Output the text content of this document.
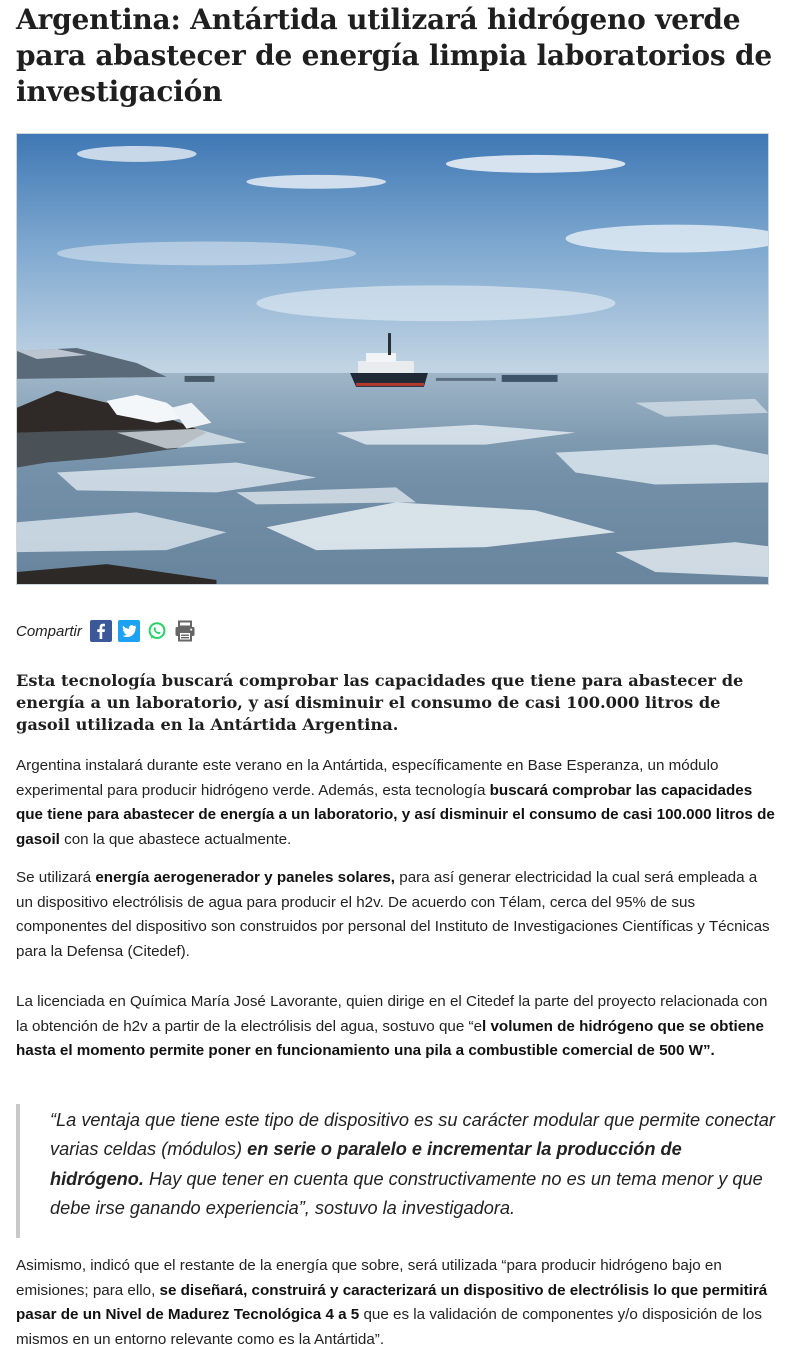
Argentina: Antártida utilizará hidrógeno verde para abastecer de energía limpia laboratorios de investigación
Compartir

Esta tecnología buscará comprobar las capacidades que tiene para abastecer de energía a un laboratorio, y así disminuir el consumo de casi 100.000 litros de gasoil utilizada en la Antártida Argentina.

Argentina instalará durante este verano en la Antártida, específicamente en Base Esperanza, un módulo experimental para producir hidrógeno verde. Además, esta tecnología buscará comprobar las capacidades que tiene para abastecer de energía a un laboratorio, y así disminuir el consumo de casi 100.000 litros de gasoil con la que abastece actualmente.

Se utilizará energía aerogenerador y paneles solares, para así generar electricidad la cual será empleada a un dispositivo electrólisis de agua para producir el h2v. De acuerdo con Télam, cerca del 95% de sus componentes del dispositivo son construidos por personal del Instituto de Investigaciones Científicas y Técnicas para la Defensa (Citedef).

La licenciada en Química María José Lavorante, quien dirige en el Citedef la parte del proyecto relacionada con la obtención de h2v a partir de la electrólisis del agua, sostuvo que “el volumen de hidrógeno que se obtiene hasta el momento permite poner en funcionamiento una pila a combustible comercial de 500 W”.

“La ventaja que tiene este tipo de dispositivo es su carácter modular que permite conectar varias celdas (módulos) en serie o paralelo e incrementar la producción de hidrógeno. Hay que tener en cuenta que constructivamente no es un tema menor y que debe irse ganando experiencia”, sostuvo la investigadora.

Asimismo, indicó que el restante de la energía que sobre, será utilizada “para producir hidrógeno bajo en emisiones; para ello, se diseñará, construirá y caracterizará un dispositivo de electrólisis lo que permitirá pasar de un Nivel de Madurez Tecnológica 4 a 5 que es la validación de componentes y/o disposición de los mismos en un entorno relevante como es la Antártida”.
